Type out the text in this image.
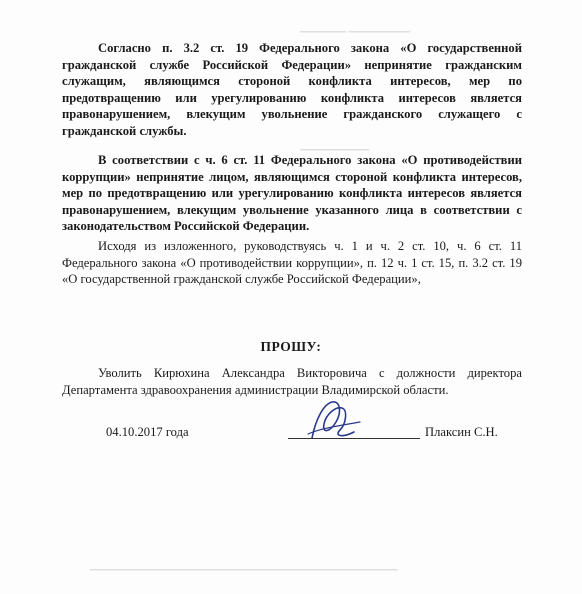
▁▁▁▁▁▁ ▁▁▁▁▁▁▁▁
▁▁▁▁▁▁▁▁▁
▁▁▁▁▁▁▁▁▁▁▁▁▁▁▁▁▁▁▁▁▁▁▁▁▁▁▁▁▁▁▁▁▁▁▁▁▁▁▁▁

Согласно п. 3.2 ст. 19 Федерального закона «О государственной гражданской службе Российской Федерации» непринятие гражданским служащим, являющимся стороной конфликта интересов, мер по предотвращению или урегулированию конфликта интересов является правонарушением, влекущим увольнение гражданского служащего с гражданской службы.

В соответствии с ч. 6 ст. 11 Федерального закона «О противодействии коррупции» непринятие лицом, являющимся стороной конфликта интересов, мер по предотвращению или урегулированию конфликта интересов является правонарушением, влекущим увольнение указанного лица в соответствии с законодательством Российской Федерации.

Исходя из изложенного, руководствуясь ч. 1 и ч. 2 ст. 10, ч. 6 ст. 11 Федерального закона «О противодействии коррупции», п. 12 ч. 1 ст. 15, п. 3.2 ст. 19 «О государственной гражданской службе Российской Федерации»,

ПРОШУ:

Уволить Кирюхина Александра Викторовича с должности директора Департамента здравоохранения администрации Владимирской области.

04.10.2017 года	Плаксин С.Н.
